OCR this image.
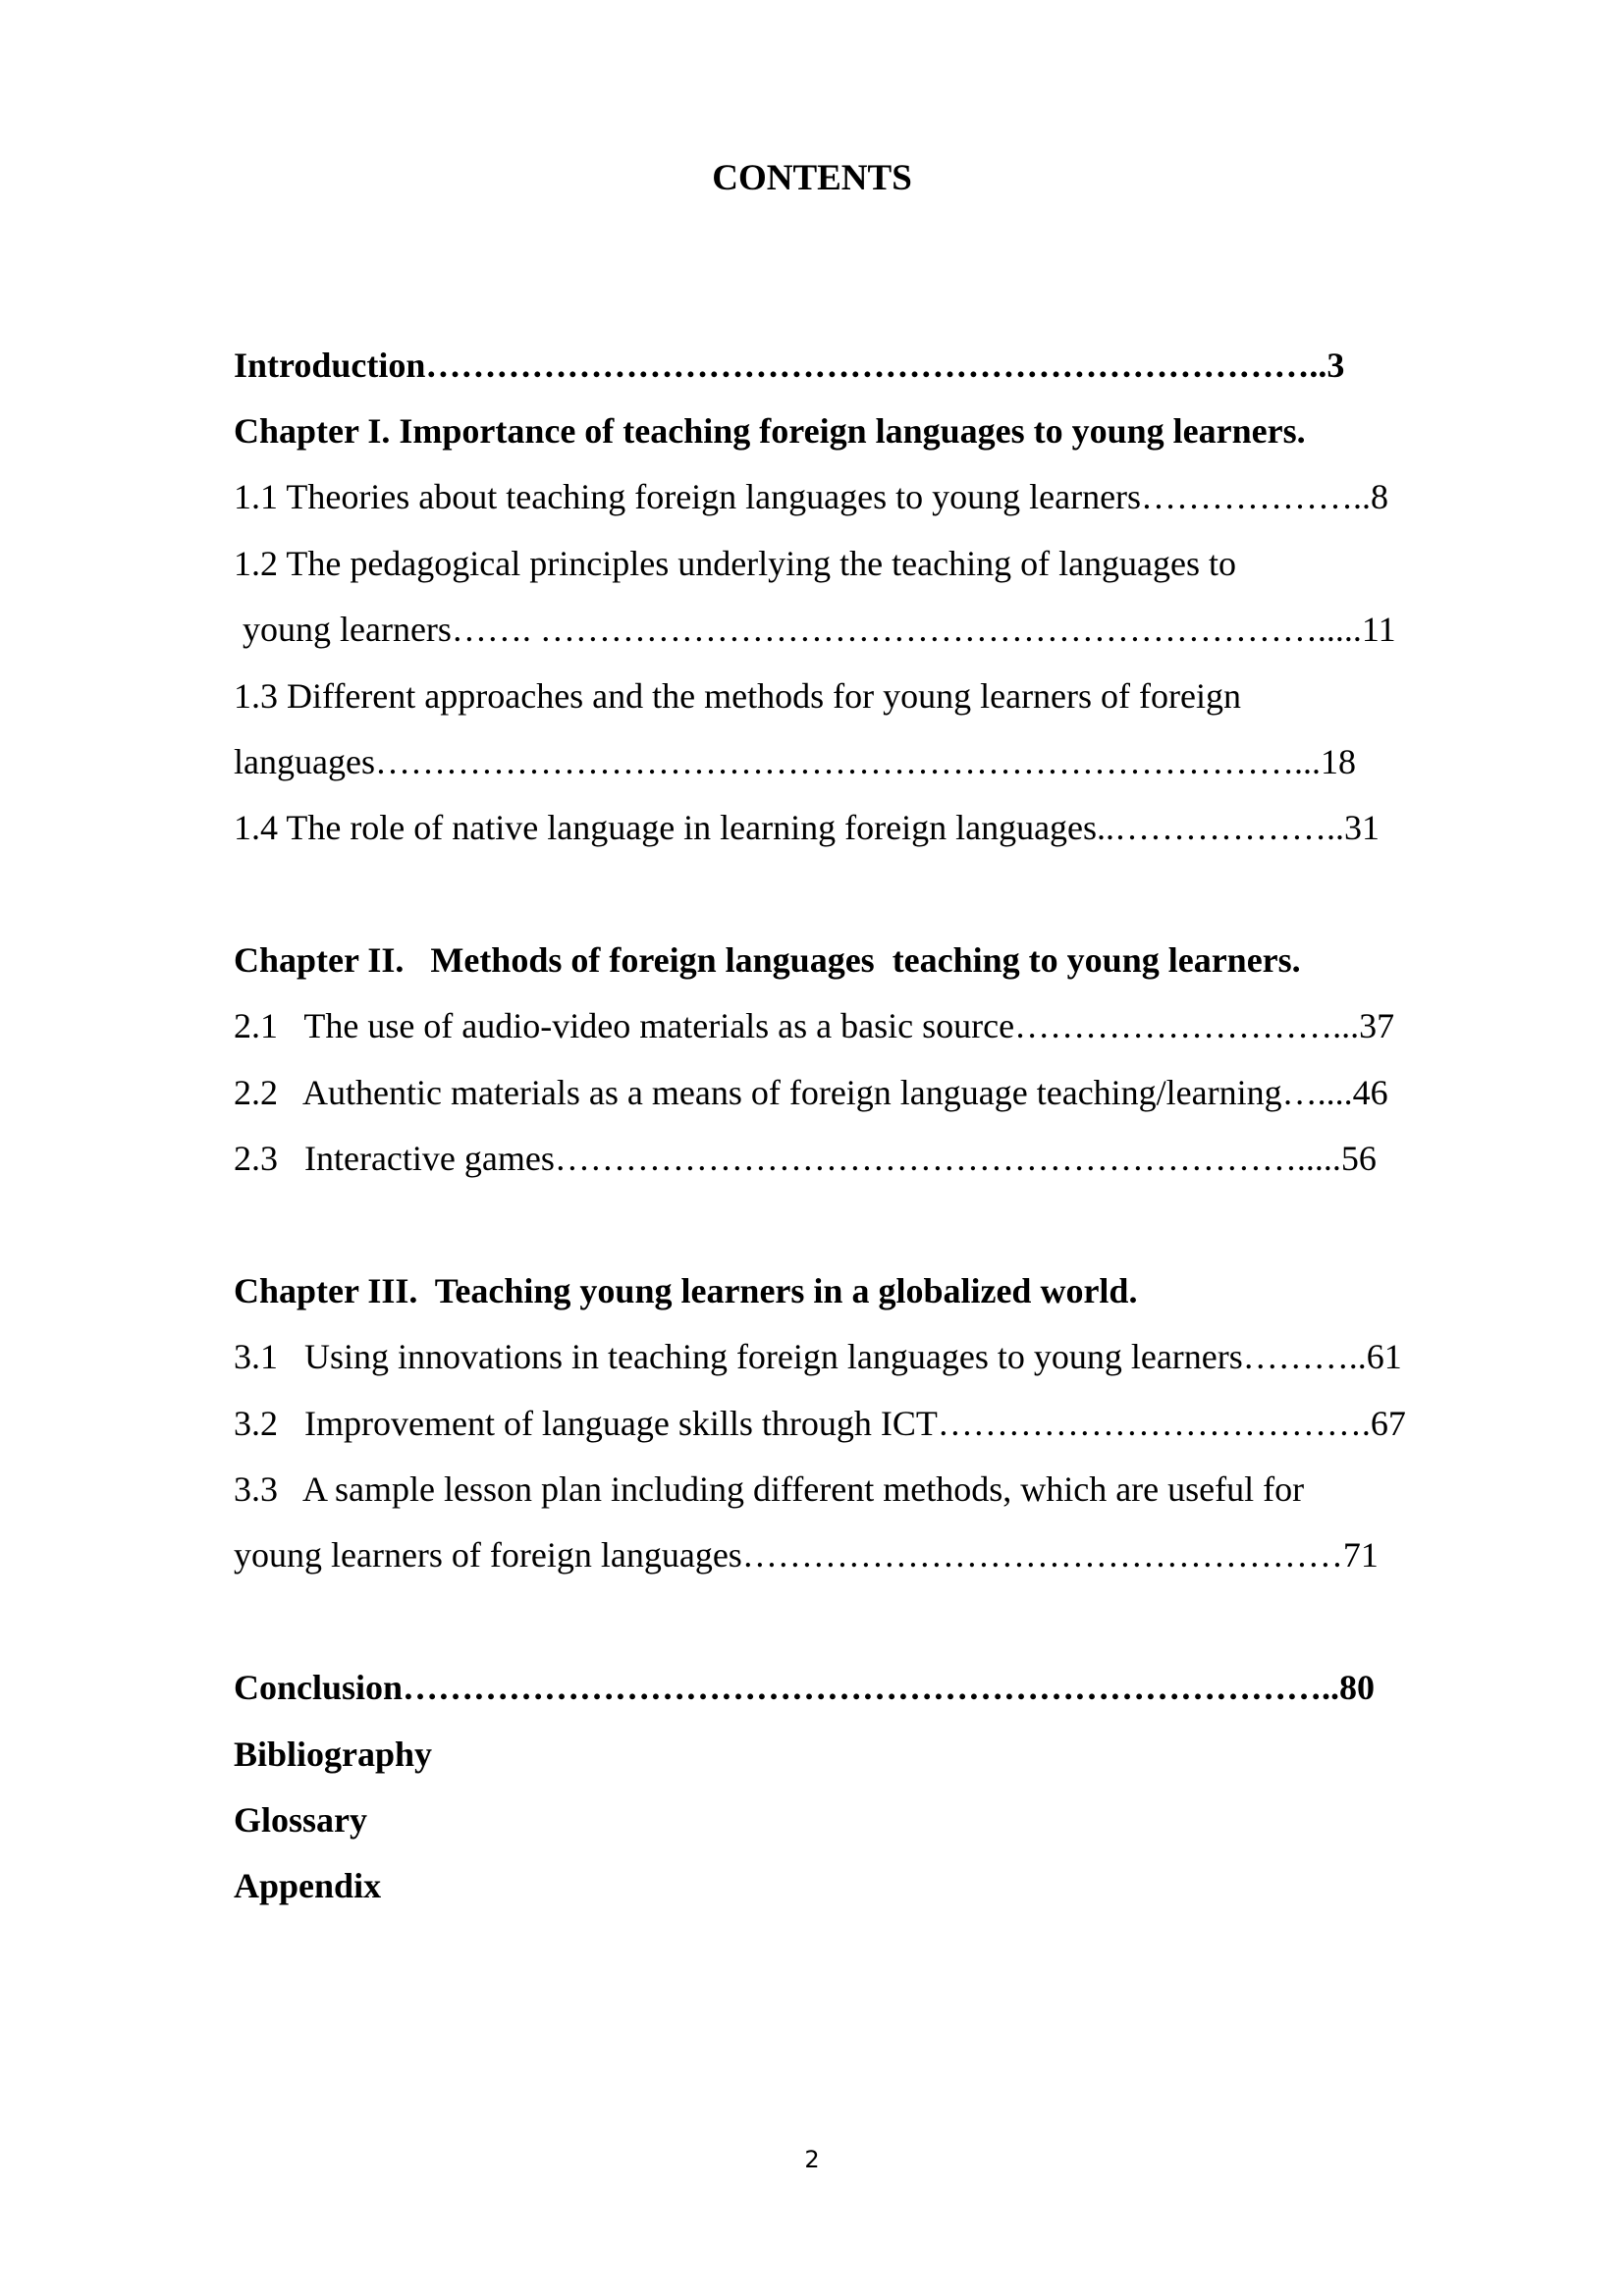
CONTENTS
Introduction…………………………………………………………………..3
Chapter I. Importance of teaching foreign languages to young learners.
1.1 Theories about teaching foreign languages to young learners………………..8
1.2 The pedagogical principles underlying the teaching of languages to
young learners……. ………………………………………………………….....11
1.3 Different approaches and the methods for young learners of foreign
languages……………………………………………………………………...18
1.4 The role of native language in learning foreign languages..………………..31
Chapter II.   Methods of foreign languages  teaching to young learners.
2.1   The use of audio-video materials as a basic source………………………...37
2.2   Authentic materials as a means of foreign language teaching/learning…....46
2.3   Interactive games……………………………………………………….....56
Chapter III.  Teaching young learners in a globalized world.
3.1   Using innovations in teaching foreign languages to young learners………..61
3.2   Improvement of language skills through ICT……………………………….67
3.3   A sample lesson plan including different methods, which are useful for
young learners of foreign languages……………………………………………71
Conclusion……………………………………………………………………..80
Bibliography
Glossary
Appendix
2
